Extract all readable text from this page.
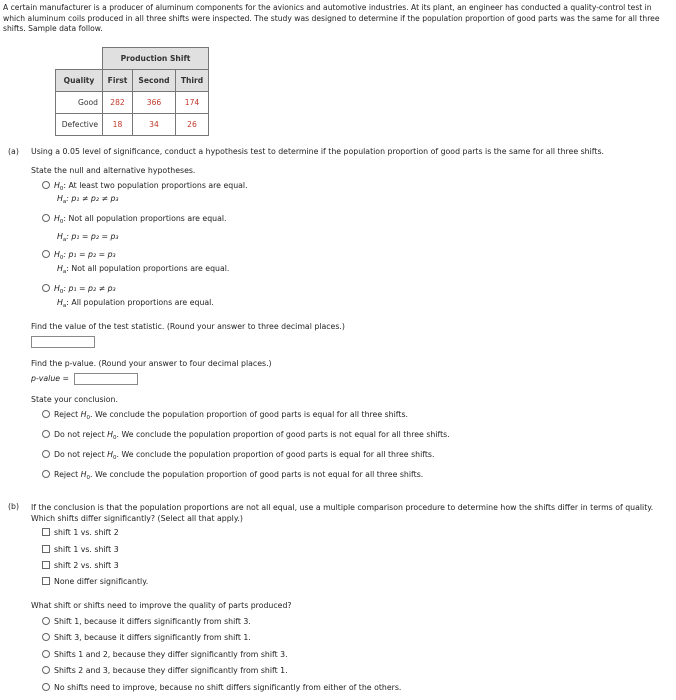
A certain manufacturer is a producer of aluminum components for the avionics and automotive industries. At its plant, an engineer has conducted a quality-control test in which aluminum coils produced in all three shifts were inspected. The study was designed to determine if the population proportion of good parts was the same for all three shifts. Sample data follow.
	Production Shift		
Quality	First	Second	Third
Good	282	366	174
Defective	18	34	26
(a) Using a 0.05 level of significance, conduct a hypothesis test to determine if the population proportion of good parts is the same for all three shifts.
State the null and alternative hypotheses.
$H_0$: At least two population proportions are equal.
$H_a$: p₁ ≠ p₂ ≠ p₃
$H_0$: Not all population proportions are equal.
$H_a$: p₁ = p₂ = p₃
$H_0$: p₁ = p₂ = p₃
$H_a$: Not all population proportions are equal.
$H_0$: p₁ = p₂ ≠ p₃
$H_a$: All population proportions are equal.
Find the value of the test statistic. (Round your answer to three decimal places.)
Find the p-value. (Round your answer to four decimal places.)
p-value =
State your conclusion.
Reject $H_0$. We conclude the population proportion of good parts is equal for all three shifts.
Do not reject $H_0$. We conclude the population proportion of good parts is not equal for all three shifts.
Do not reject $H_0$. We conclude the population proportion of good parts is equal for all three shifts.
Reject $H_0$. We conclude the population proportion of good parts is not equal for all three shifts.
(b) If the conclusion is that the population proportions are not all equal, use a multiple comparison procedure to determine how the shifts differ in terms of quality. Which shifts differ significantly? (Select all that apply.)
shift 1 vs. shift 2
shift 1 vs. shift 3
shift 2 vs. shift 3
None differ significantly.
What shift or shifts need to improve the quality of parts produced?
Shift 1, because it differs significantly from shift 3.
Shift 3, because it differs significantly from shift 1.
Shifts 1 and 2, because they differ significantly from shift 3.
Shifts 2 and 3, because they differ significantly from shift 1.
No shifts need to improve, because no shift differs significantly from either of the others.
